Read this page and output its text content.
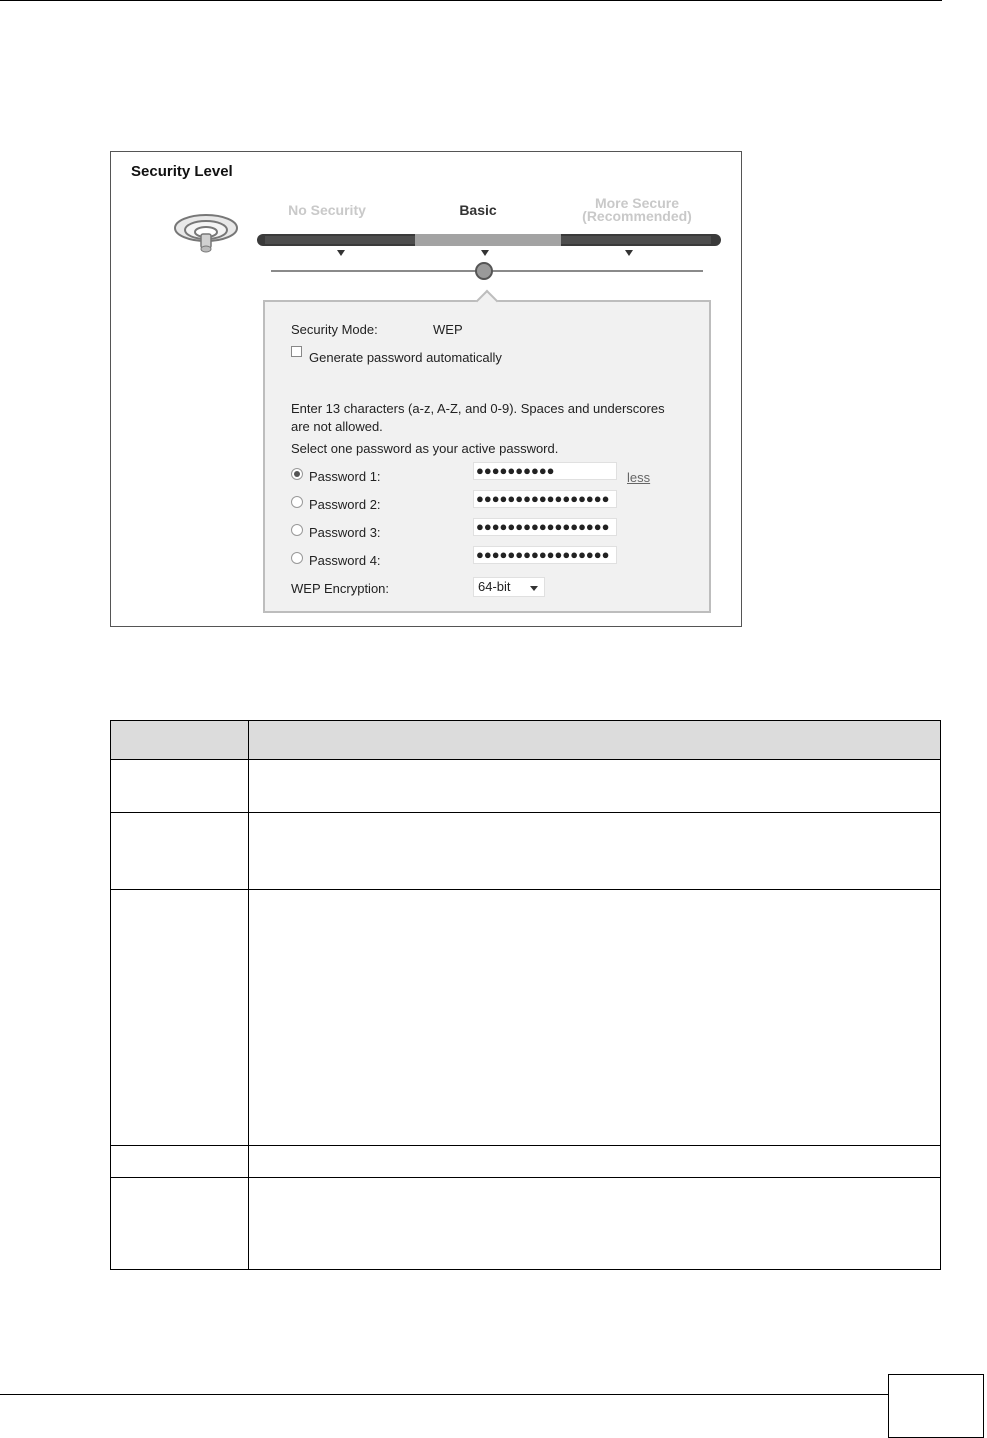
Security Level
No Security	Basic	More Secure
(Recommended)
Security Mode:	WEP
Generate password automatically
Enter 13 characters (a-z, A-Z, and 0-9). Spaces and underscores
are not allowed.
Select one password as your active password.
Password 1:	●●●●●●●●●●	less
Password 2:	●●●●●●●●●●●●●●●●●
Password 3:	●●●●●●●●●●●●●●●●●
Password 4:	●●●●●●●●●●●●●●●●●
WEP Encryption:	64-bit
